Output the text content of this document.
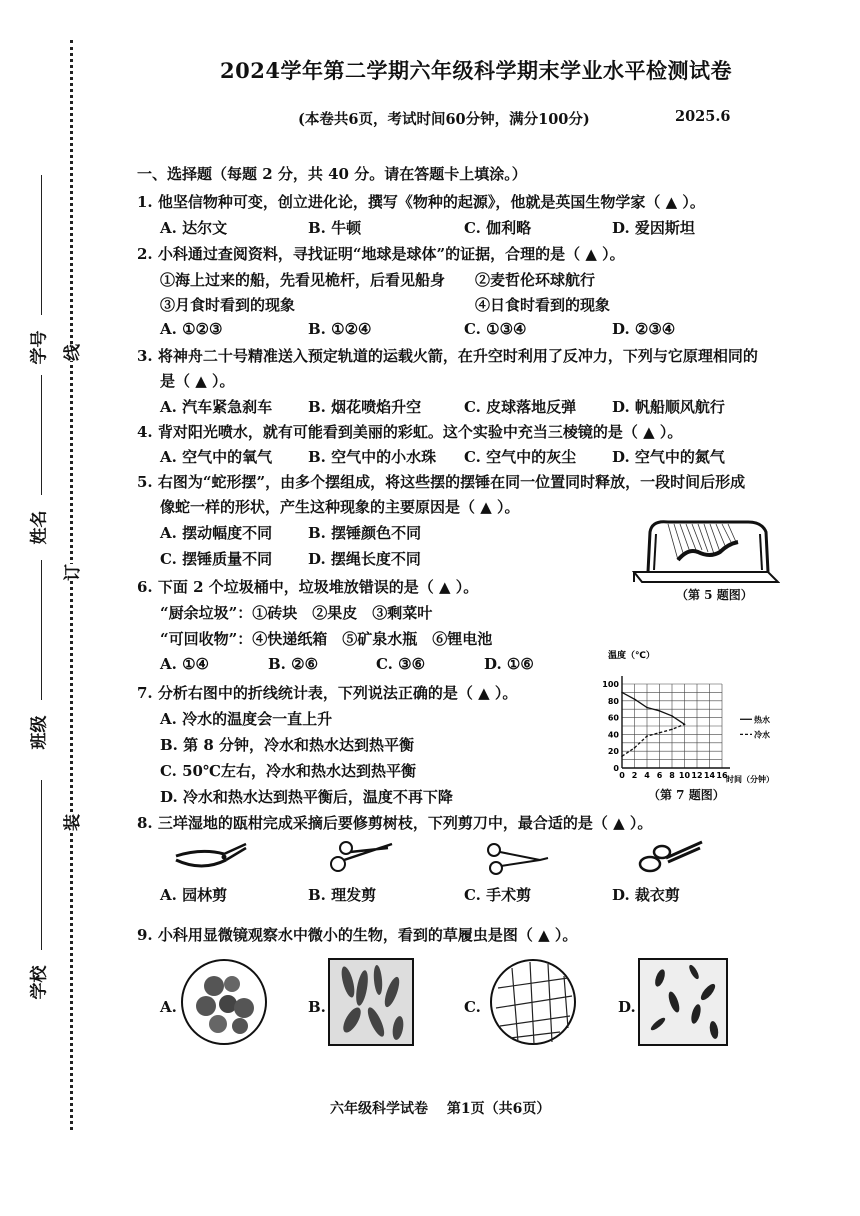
学号
姓名
班级
学校
线
订
装
2024学年第二学期六年级科学期末学业水平检测试卷
(本卷共6页，考试时间60分钟，满分100分)	2025.6
一、选择题（每题 2 分，共 40 分。请在答题卡上填涂。）
1. 他坚信物种可变，创立进化论，撰写《物种的起源》，他就是英国生物学家（ ▲ ）。
A. 达尔文	B. 牛顿	C. 伽利略	D. 爱因斯坦
2. 小科通过查阅资料，寻找证明“地球是球体”的证据，合理的是（ ▲ ）。
①海上过来的船，先看见桅杆，后看见船身 ②麦哲伦环球航行
③月食时看到的现象	④日食时看到的现象
A. ①②③	B. ①②④	C. ①③④	D. ②③④
3. 将神舟二十号精准送入预定轨道的运载火箭，在升空时利用了反冲力，下列与它原理相同的
是（ ▲ ）。
A. 汽车紧急刹车 B. 烟花喷焰升空	C. 皮球落地反弹 D. 帆船顺风航行
4. 背对阳光喷水，就有可能看到美丽的彩虹。这个实验中充当三棱镜的是（ ▲ ）。
A. 空气中的氧气 B. 空气中的小水珠 C. 空气中的灰尘 D. 空气中的氮气
5. 右图为“蛇形摆”，由多个摆组成，将这些摆的摆锤在同一位置同时释放，一段时间后形成
像蛇一样的形状，产生这种现象的主要原因是（ ▲ ）。
A. 摆动幅度不同 B. 摆锤颜色不同
C. 摆锤质量不同 D. 摆绳长度不同
（第 5 题图）
6. 下面 2 个垃圾桶中，垃圾堆放错误的是（ ▲ ）。
“厨余垃圾”：①砖块　②果皮　③剩菜叶
“可回收物”：④快递纸箱　⑤矿泉水瓶　⑥锂电池
A. ①④	B. ②⑥	C. ③⑥	D. ①⑥
7. 分析右图中的折线统计表，下列说法正确的是（ ▲ ）。
A. 冷水的温度会一直上升
B. 第 8 分钟，冷水和热水达到热平衡
C. 50℃左右，冷水和热水达到热平衡
D. 冷水和热水达到热平衡后，温度不再下降
温度（℃）
时间（分钟）
0 2 4 6 8 10 12 14 16
0
20
40
60
80
100
热水
冷水
（第 7 题图）
8. 三垟湿地的瓯柑完成采摘后要修剪树枝，下列剪刀中，最合适的是（ ▲ ）。
A. 园林剪	B. 理发剪	C. 手术剪	D. 裁衣剪
9. 小科用显微镜观察水中微小的生物，看到的草履虫是图（ ▲ ）。
A.	B.	C.	D.
六年级科学试卷　 第1页（共6页）
